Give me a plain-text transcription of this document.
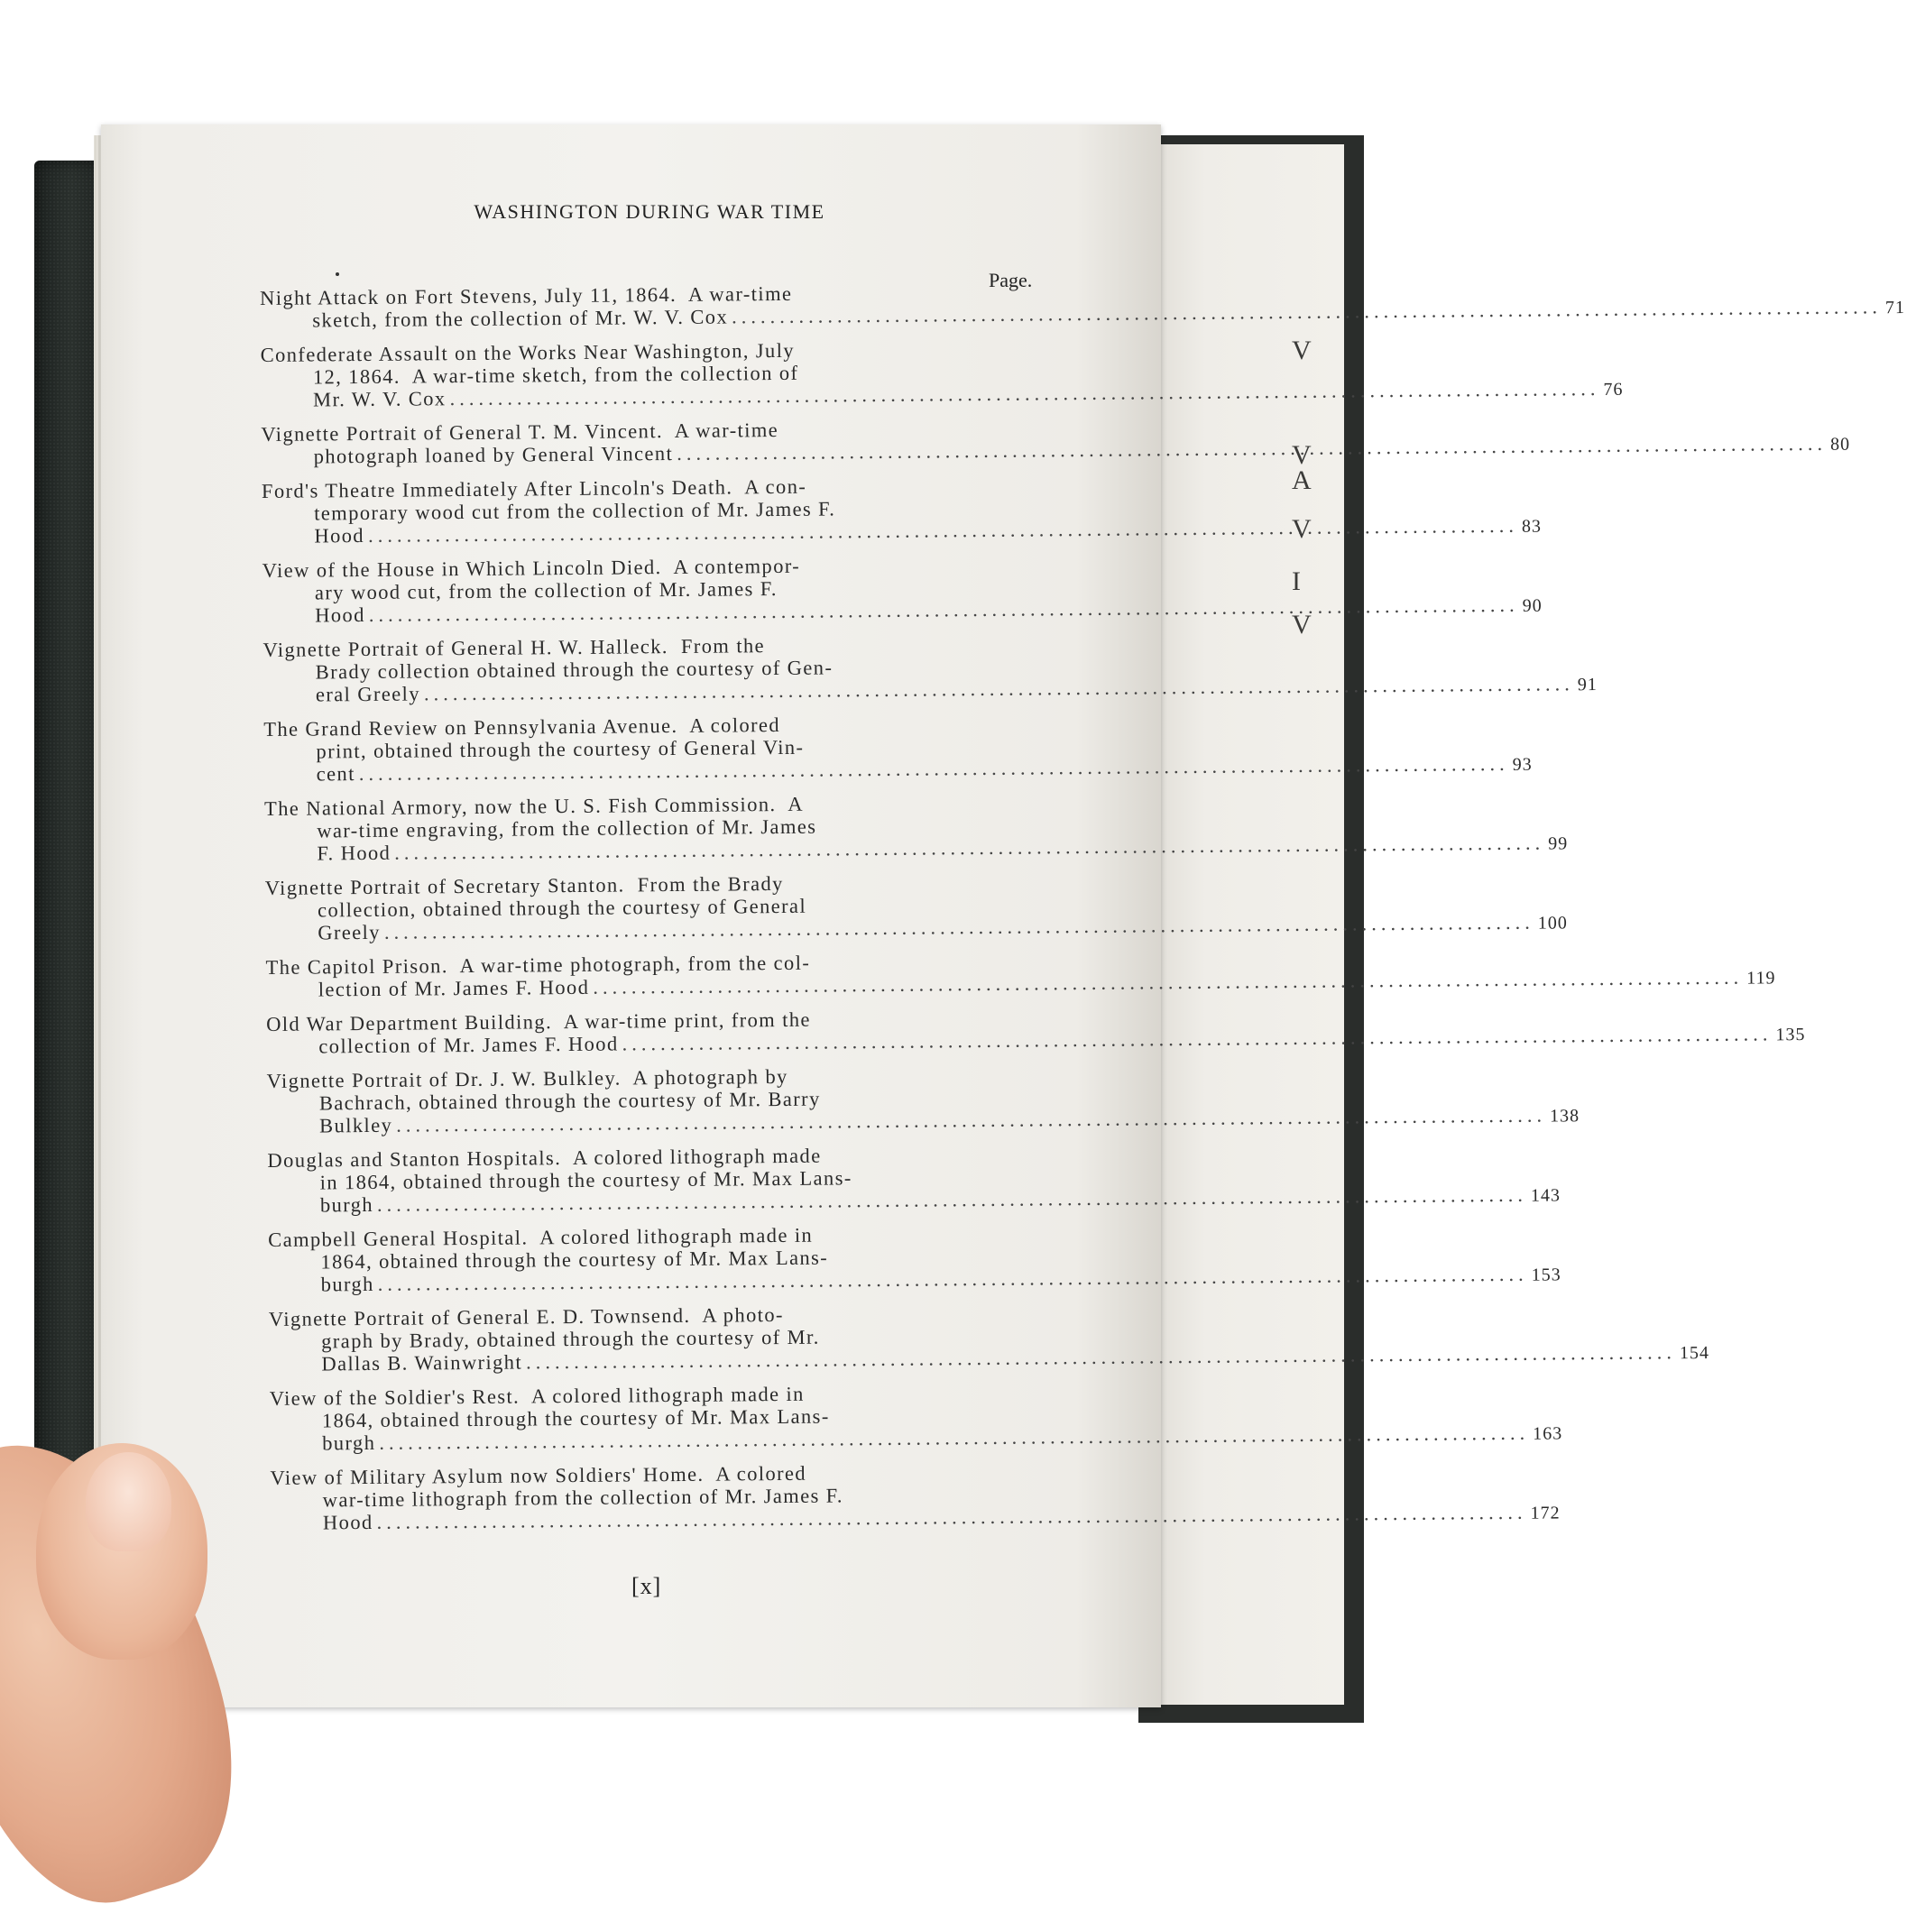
V
V
A
V
I
V
WASHINGTON DURING WAR TIME
Page.
Night Attack on Fort Stevens, July 11, 1864.  A war-time
sketch, from the collection of Mr. W. V. Cox .....	71
Confederate Assault on the Works Near Washington, July
12, 1864.  A war-time sketch, from the collection of
Mr. W. V. Cox .....	76
Vignette Portrait of General T. M. Vincent.  A war-time
photograph loaned by General Vincent .....	80
Ford's Theatre Immediately After Lincoln's Death.  A con-
temporary wood cut from the collection of Mr. James F.
Hood .....	83
View of the House in Which Lincoln Died.  A contempor-
ary wood cut, from the collection of Mr. James F.
Hood .....	90
Vignette Portrait of General H. W. Halleck.  From the
Brady collection obtained through the courtesy of Gen-
eral Greely .....	91
The Grand Review on Pennsylvania Avenue.  A colored
print, obtained through the courtesy of General Vin-
cent .....	93
The National Armory, now the U. S. Fish Commission.  A
war-time engraving, from the collection of Mr. James
F. Hood .....	99
Vignette Portrait of Secretary Stanton.  From the Brady
collection, obtained through the courtesy of General
Greely .....	100
The Capitol Prison.  A war-time photograph, from the col-
lection of Mr. James F. Hood .....	119
Old War Department Building.  A war-time print, from the
collection of Mr. James F. Hood .....	135
Vignette Portrait of Dr. J. W. Bulkley.  A photograph by
Bachrach, obtained through the courtesy of Mr. Barry
Bulkley .....	138
Douglas and Stanton Hospitals.  A colored lithograph made
in 1864, obtained through the courtesy of Mr. Max Lans-
burgh .....	143
Campbell General Hospital.  A colored lithograph made in
1864, obtained through the courtesy of Mr. Max Lans-
burgh .....	153
Vignette Portrait of General E. D. Townsend.  A photo-
graph by Brady, obtained through the courtesy of Mr.
Dallas B. Wainwright .....	154
View of the Soldier's Rest.  A colored lithograph made in
1864, obtained through the courtesy of Mr. Max Lans-
burgh .....	163
View of Military Asylum now Soldiers' Home.  A colored
war-time lithograph from the collection of Mr. James F.
Hood .....	172
[x]
